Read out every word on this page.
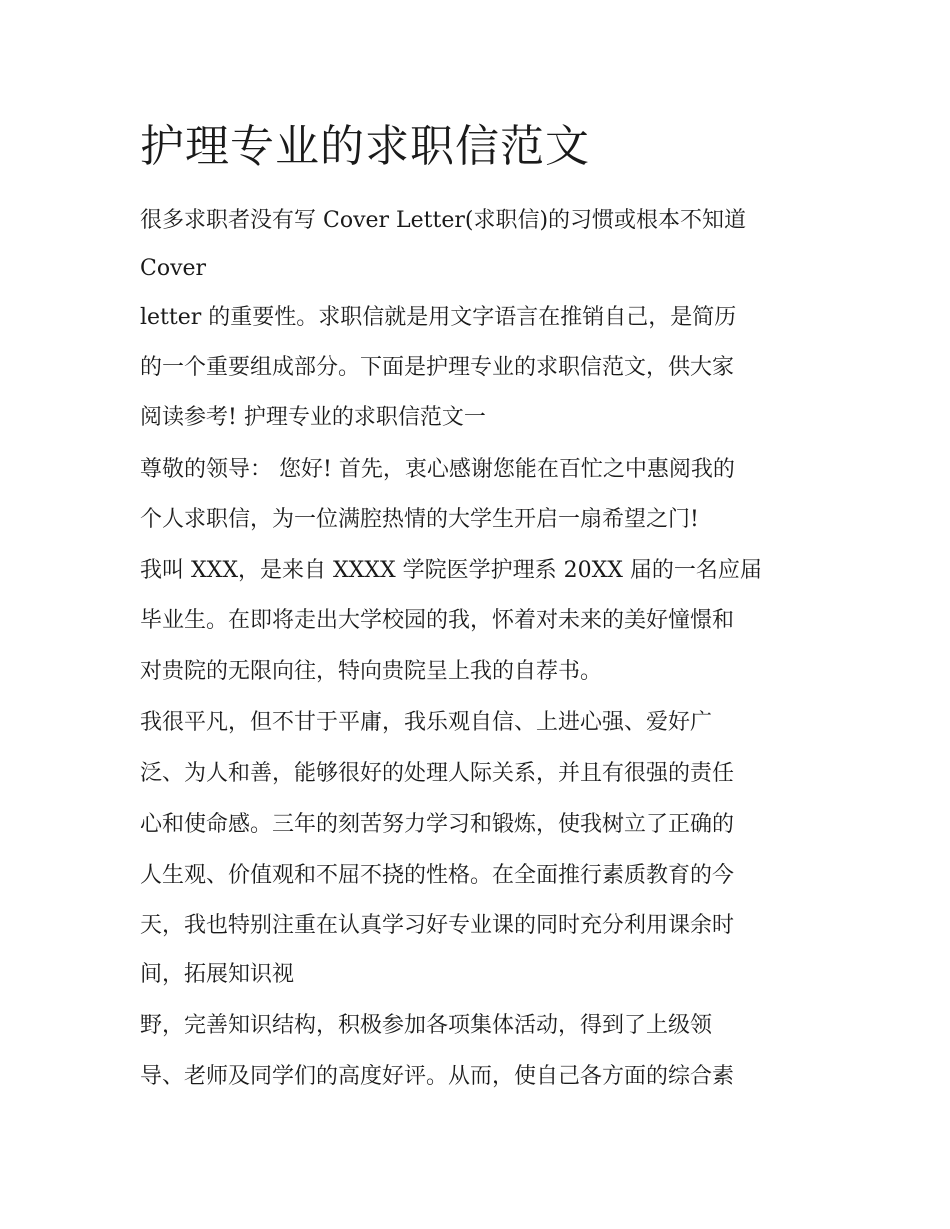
护理专业的求职信范文

很多求职者没有写 Cover Letter(求职信)的习惯或根本不知道

Cover

letter 的重要性。求职信就是用文字语言在推销自己，是简历

的一个重要组成部分。下面是护理专业的求职信范文，供大家

阅读参考! 护理专业的求职信范文一

尊敬的领导： 您好! 首先，衷心感谢您能在百忙之中惠阅我的

个人求职信，为一位满腔热情的大学生开启一扇希望之门!

我叫 XXX，是来自 XXXX 学院医学护理系 20XX 届的一名应届

毕业生。在即将走出大学校园的我，怀着对未来的美好憧憬和

对贵院的无限向往，特向贵院呈上我的自荐书。

我很平凡，但不甘于平庸，我乐观自信、上进心强、爱好广

泛、为人和善，能够很好的处理人际关系，并且有很强的责任

心和使命感。三年的刻苦努力学习和锻炼，使我树立了正确的

人生观、价值观和不屈不挠的性格。在全面推行素质教育的今

天，我也特别注重在认真学习好专业课的同时充分利用课余时

间，拓展知识视

野，完善知识结构，积极参加各项集体活动，得到了上级领

导、老师及同学们的高度好评。从而，使自己各方面的综合素
